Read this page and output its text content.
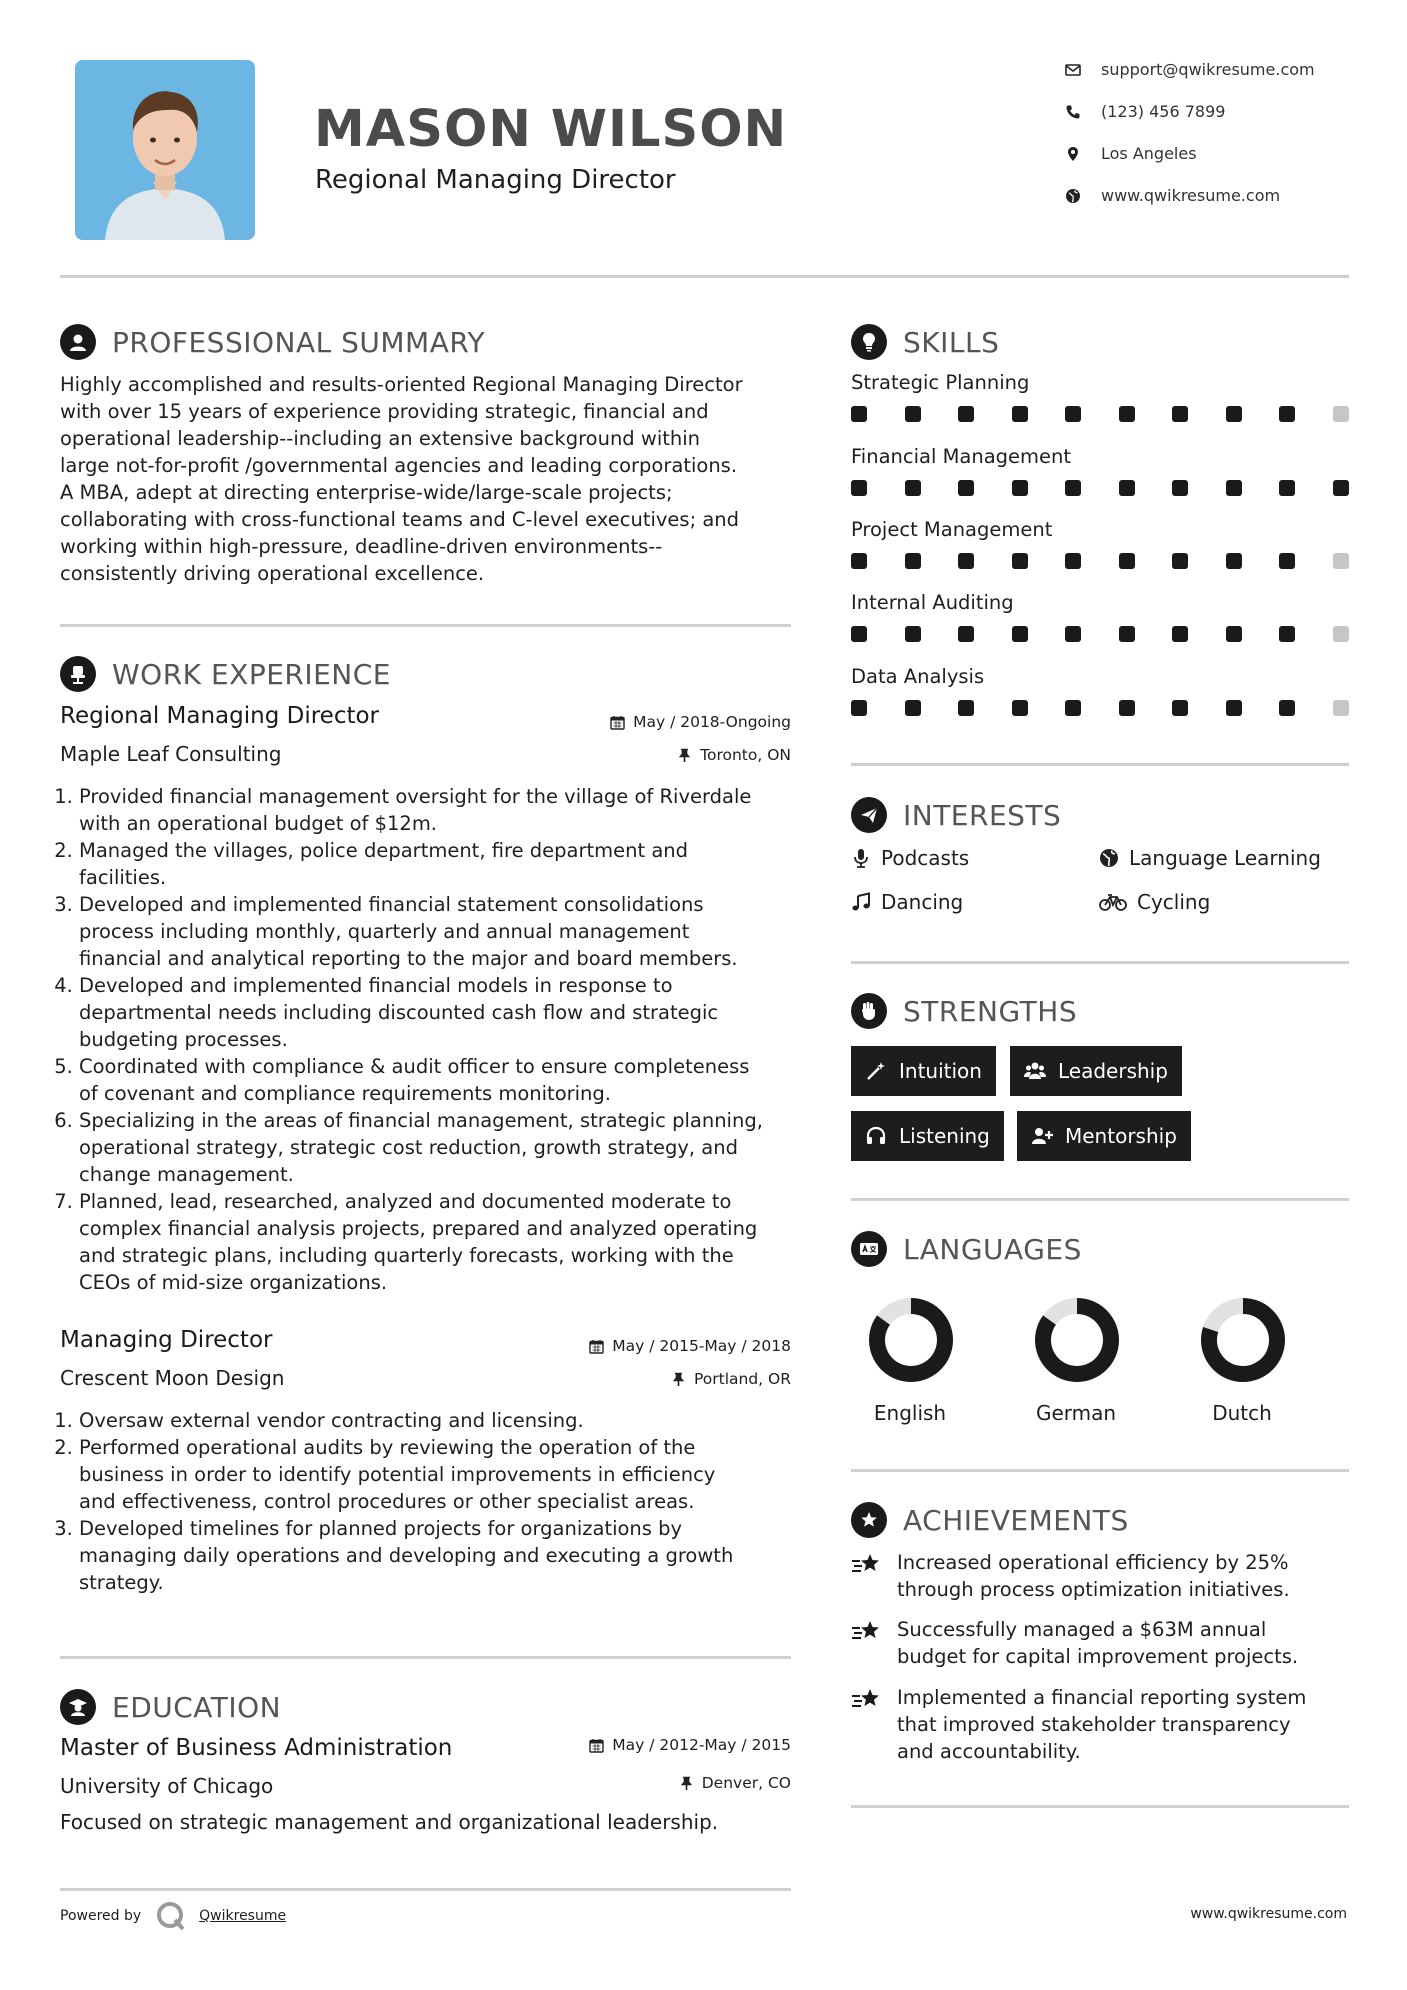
MASON WILSON
Regional Managing Director
support@qwikresume.com
(123) 456 7899
Los Angeles
www.qwikresume.com
PROFESSIONAL SUMMARY
Highly accomplished and results-oriented Regional Managing Director
with over 15 years of experience providing strategic, financial and
operational leadership--including an extensive background within
large not-for-profit /governmental agencies and leading corporations.
A MBA, adept at directing enterprise-wide/large-scale projects;
collaborating with cross-functional teams and C-level executives; and
working within high-pressure, deadline-driven environments--
consistently driving operational excellence.
WORK EXPERIENCE
Regional Managing Director	May / 2018-Ongoing
Maple Leaf Consulting	Toronto, ON
1. Provided financial management oversight for the village of Riverdale
with an operational budget of $12m.
2. Managed the villages, police department, fire department and
facilities.
3. Developed and implemented financial statement consolidations
process including monthly, quarterly and annual management
financial and analytical reporting to the major and board members.
4. Developed and implemented financial models in response to
departmental needs including discounted cash flow and strategic
budgeting processes.
5. Coordinated with compliance & audit officer to ensure completeness
of covenant and compliance requirements monitoring.
6. Specializing in the areas of financial management, strategic planning,
operational strategy, strategic cost reduction, growth strategy, and
change management.
7. Planned, lead, researched, analyzed and documented moderate to
complex financial analysis projects, prepared and analyzed operating
and strategic plans, including quarterly forecasts, working with the
CEOs of mid-size organizations.
Managing Director	May / 2015-May / 2018
Crescent Moon Design	Portland, OR
1. Oversaw external vendor contracting and licensing.
2. Performed operational audits by reviewing the operation of the
business in order to identify potential improvements in efficiency
and effectiveness, control procedures or other specialist areas.
3. Developed timelines for planned projects for organizations by
managing daily operations and developing and executing a growth
strategy.
EDUCATION
Master of Business Administration	May / 2012-May / 2015
University of Chicago	Denver, CO
Focused on strategic management and organizational leadership.
SKILLS
Strategic Planning
Financial Management
Project Management
Internal Auditing
Data Analysis
INTERESTS
Podcasts	Language Learning
Dancing	Cycling
STRENGTHS
Intuition	Leadership
Listening	Mentorship
LANGUAGES
English	German	Dutch
ACHIEVEMENTS
Increased operational efficiency by 25%
through process optimization initiatives.
Successfully managed a $63M annual
budget for capital improvement projects.
Implemented a financial reporting system
that improved stakeholder transparency
and accountability.
Powered by	Qwikresume	www.qwikresume.com
